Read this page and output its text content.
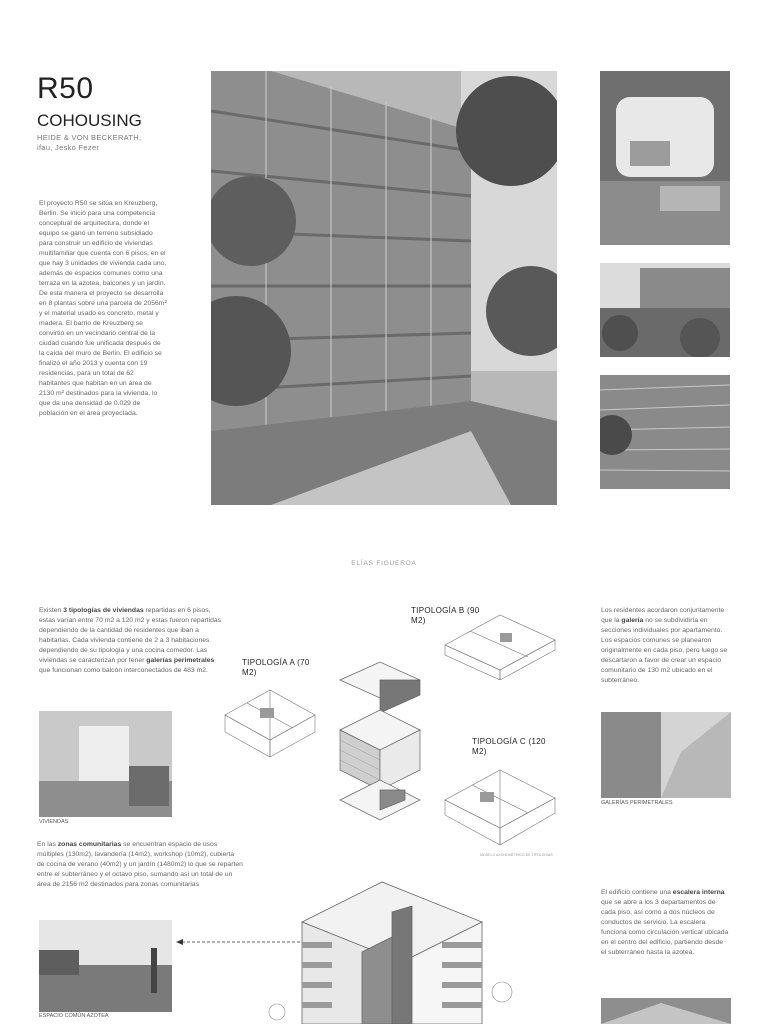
R50
COHOUSING
HEIDE & VON BECKERATH,
ifau, Jesko Fezer
El proyecto R50 se sitúa en Kreuzberg, Berlin. Se inició para una competencia conceptual de arquitectura, donde el equipo se ganó un terreno subsidiado para construir un edificio de viviendas multifamiliar que cuenta con 6 pisos, en el que hay 3 unidades de vivienda cada uno, además de espacios comunes como una terraza en la azotea, balcones y un jardín. De esta manera el proyecto se desarrolla en 8 plantas sobre una parcela de 2056m² y el material usado es concreto, metal y madera. El barrio de Kreuzberg se convirtió en un vecindario central de la ciudad cuando fue unificada después de la caída del muro de Berlin. El edificio se finalizó el año 2013 y cuenta con 19 residencias, para un total de 62 habitantes que habitan en un área de 2130 m² destinados para la vivienda, lo que da una densidad de 0.029 de población en el área proyectada.
ELÍAS FIGUEROA
Existen 3 tipologías de viviendas repartidas en 6 pisos, estas varían entre 70 m2 a 120 m2 y estas fueron repartidas dependiendo de la cantidad de residentes que iban a habitarlas. Cada vivienda contiene de 2 a 3 habitaciones dependiendo de su tipología y una cocina comedor. Las viviendas se caracterizan por tener galerías perimetrales que funcionan como balcón interconectados de 483 m2.
VIVIENDAS
TIPOLOGÍA A (70 M2)
TIPOLOGÍA B (90 M2)
TIPOLOGÍA C (120 M2)
MODELO AXONOMETRICO DE TIPOLOGIAS
Los residentes acordaron conjuntamente que la galería no se subdividiría en secciones individuales por apartamento. Los espacios comunes se planearon originalmente en cada piso, pero luego se descartaron a favor de crear un espacio comunitario de 130 m2 ubicado en el subterráneo.
GALERÍAS PERIMETRALES
En las zonas comunitarias se encuentran espacio de usos múltiples (130m2), lavandería (14m2), workshop (10m2), cubierta de cocina de verano (40m2) y un jardín (1480m2) lo que se reparten entre el subterráneo y el octavo piso, sumando así un total de un área de 2156 m2 destinados para zonas comunitarias
ESPACIO COMÚN AZOTEA
El edificio contiene una escalera interna que se abre a los 3 departamentos de cada piso, así como a dos núcleos de conductos de servicio. La escalera funciona como circulación vertical ubicada en el centro del edificio, partiendo desde el subterráneo hasta la azotea.
